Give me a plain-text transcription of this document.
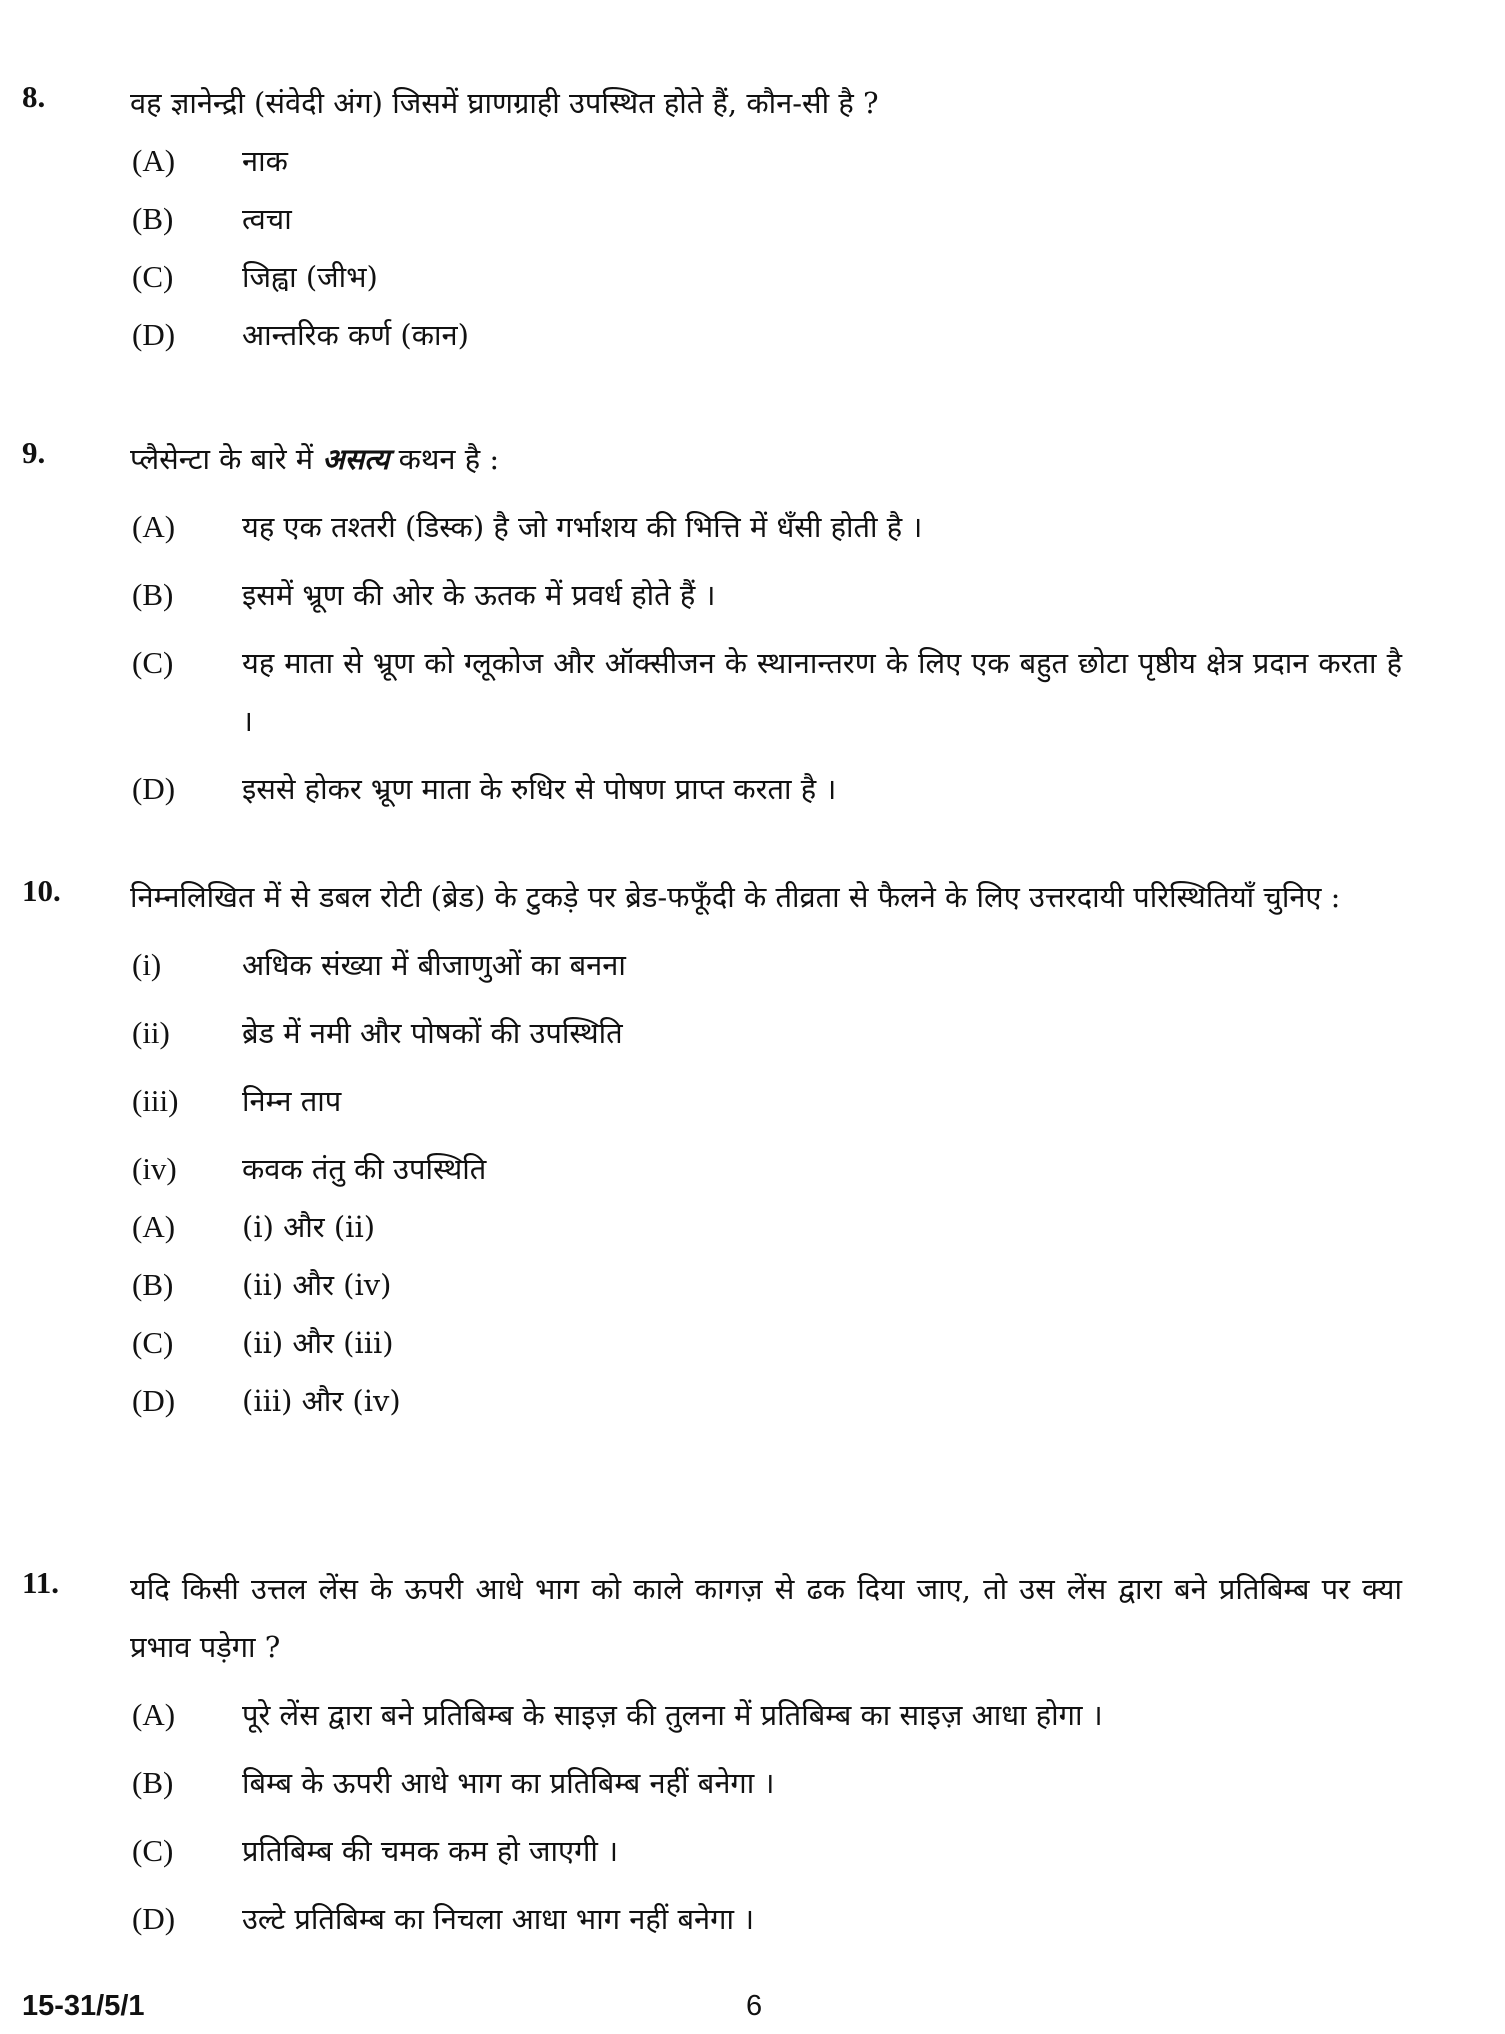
8.	वह ज्ञानेन्द्री (संवेदी अंग) जिसमें घ्राणग्राही उपस्थित होते हैं, कौन-सी है ?
(A) नाक
(B) त्वचा
(C) जिह्वा (जीभ)
(D) आन्तरिक कर्ण (कान)
9.	प्लैसेन्टा के बारे में असत्य कथन है :
(A) यह एक तश्तरी (डिस्क) है जो गर्भाशय की भित्ति में धँसी होती है ।
(B) इसमें भ्रूण की ओर के ऊतक में प्रवर्ध होते हैं ।
(C) यह माता से भ्रूण को ग्लूकोज और ऑक्सीजन के स्थानान्तरण के लिए एक बहुत छोटा पृष्ठीय क्षेत्र प्रदान करता है ।
(D) इससे होकर भ्रूण माता के रुधिर से पोषण प्राप्त करता है ।
10. निम्नलिखित में से डबल रोटी (ब्रेड) के टुकड़े पर ब्रेड-फफूँदी के तीव्रता से फैलने के लिए उत्तरदायी परिस्थितियाँ चुनिए :
(i)	अधिक संख्या में बीजाणुओं का बनना
(ii) ब्रेड में नमी और पोषकों की उपस्थिति
(iii) निम्न ताप
(iv) कवक तंतु की उपस्थिति
(A) (i) और (ii)
(B) (ii) और (iv)
(C) (ii) और (iii)
(D) (iii) और (iv)
11. यदि किसी उत्तल लेंस के ऊपरी आधे भाग को काले कागज़ से ढक दिया जाए, तो उस लेंस द्वारा बने प्रतिबिम्ब पर क्या प्रभाव पड़ेगा ?
(A) पूरे लेंस द्वारा बने प्रतिबिम्ब के साइज़ की तुलना में प्रतिबिम्ब का साइज़ आधा होगा ।
(B) बिम्ब के ऊपरी आधे भाग का प्रतिबिम्ब नहीं बनेगा ।
(C) प्रतिबिम्ब की चमक कम हो जाएगी ।
(D) उल्टे प्रतिबिम्ब का निचला आधा भाग नहीं बनेगा ।
15-31/5/1	6
